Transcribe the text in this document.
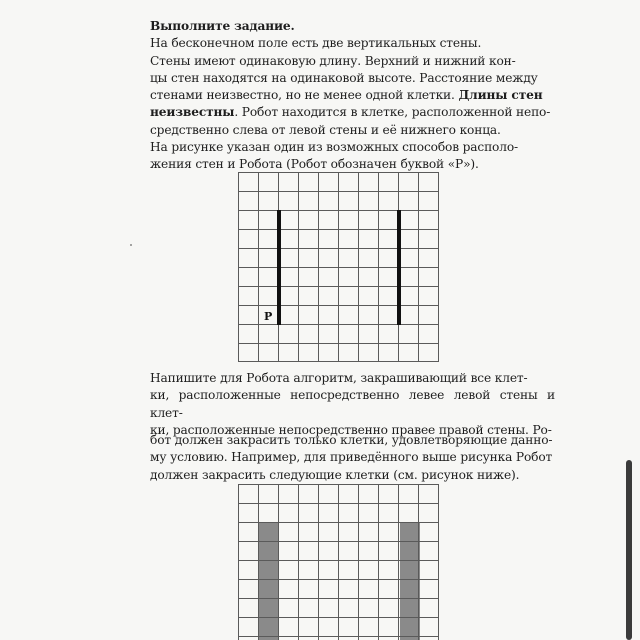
Выполните задание.

На бесконечном поле есть две вертикальных стены.

Стены имеют одинаковую длину. Верхний и нижний кон-

цы стен находятся на одинаковой высоте. Расстояние между

стенами неизвестно, но не менее одной клетки. Длины стен

неизвестны. Робот находится в клетке, расположенной непо-

средственно слева от левой стены и её нижнего конца.

На рисунке указан один из возможных способов располо-

жения стен и Робота (Робот обозначен буквой «Р»).

Р

Напишите для Робота алгоритм, закрашивающий все клет-

ки, расположенные непосредственно левее левой стены и клет-

ки, расположенные непосредственно правее правой стены. Ро-

бот должен закрасить только клетки, удовлетворяющие данно-

му условию. Например, для приведённого выше рисунка Робот

должен закрасить следующие клетки (см. рисунок ниже).
